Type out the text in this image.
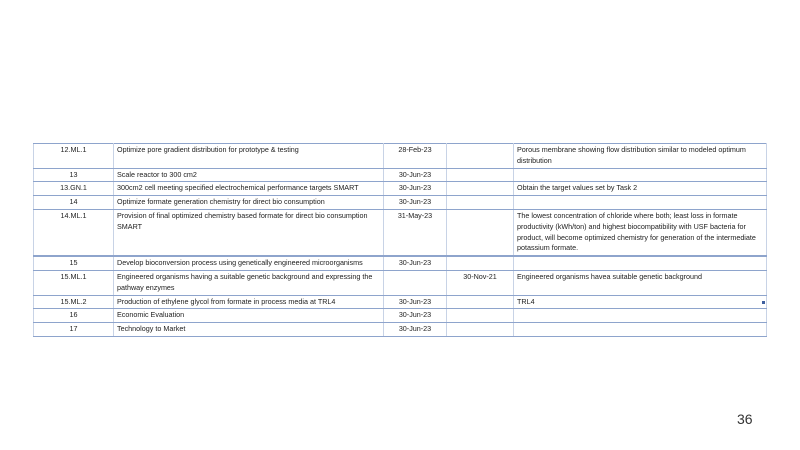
12.ML.1	Optimize pore gradient distribution for prototype & testing	28-Feb-23		Porous membrane showing flow distribution similar to modeled optimum distribution
13	Scale reactor to 300 cm2	30-Jun-23		
13.GN.1	300cm2 cell meeting specified electrochemical performance targets SMART	30-Jun-23		Obtain the target values set by Task 2
14	Optimize formate generation chemistry for direct bio consumption	30-Jun-23		
14.ML.1	Provision of final optimized chemistry based formate for direct bio consumption SMART	31-May-23		The lowest concentration of chloride where both; least loss in formate productivity (kWh/ton) and highest biocompatibility with USF bacteria for product, will become optimized chemistry for generation of the intermediate potassium formate.
15	Develop bioconversion process using genetically engineered microorganisms	30-Jun-23		
15.ML.1	Engineered organisms having a suitable genetic background and expressing the pathway enzymes		30-Nov-21	Engineered organisms havea suitable genetic background
15.ML.2	Production of ethylene glycol from formate in process media at TRL4	30-Jun-23		TRL4
16	Economic Evaluation	30-Jun-23		
17	Technology to Market	30-Jun-23		
36
